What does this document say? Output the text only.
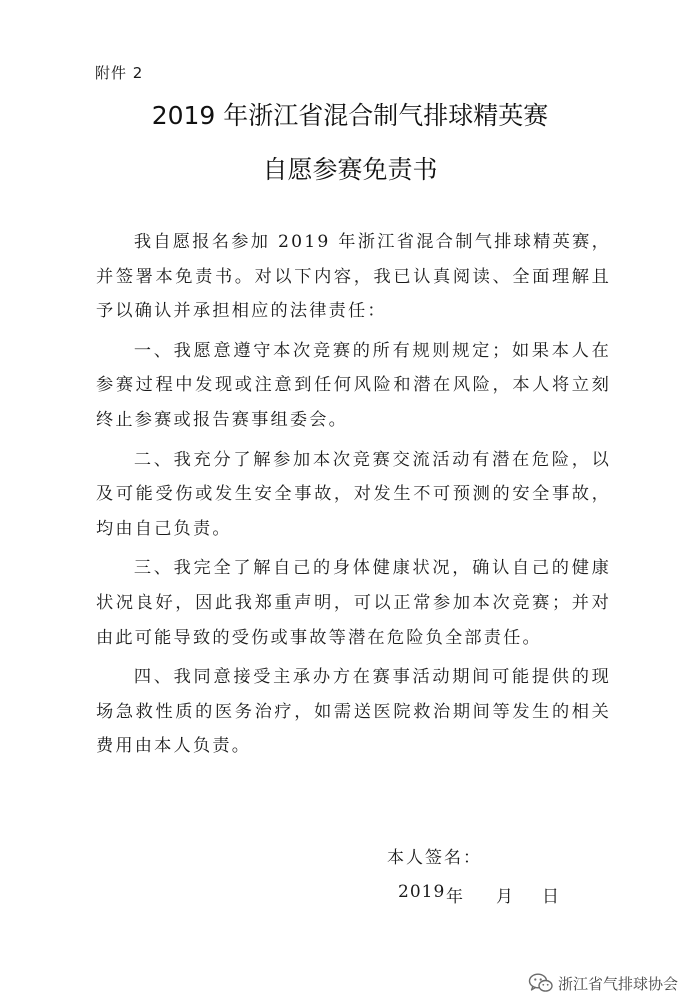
附件 2
2019 年浙江省混合制气排球精英赛
自愿参赛免责书

我自愿报名参加 2019 年浙江省混合制气排球精英赛，并签署本免责书。对以下内容，我已认真阅读、全面理解且予以确认并承担相应的法律责任：

一、我愿意遵守本次竞赛的所有规则规定；如果本人在参赛过程中发现或注意到任何风险和潜在风险，本人将立刻终止参赛或报告赛事组委会。

二、我充分了解参加本次竞赛交流活动有潜在危险，以及可能受伤或发生安全事故，对发生不可预测的安全事故，均由自己负责。

三、我完全了解自己的身体健康状况，确认自己的健康状况良好，因此我郑重声明，可以正常参加本次竞赛；并对由此可能导致的受伤或事故等潜在危险负全部责任。

四、我同意接受主承办方在赛事活动期间可能提供的现场急救性质的医务治疗，如需送医院救治期间等发生的相关费用由本人负责。

本人签名：
2019 年 月 日
浙江省气排球协会
